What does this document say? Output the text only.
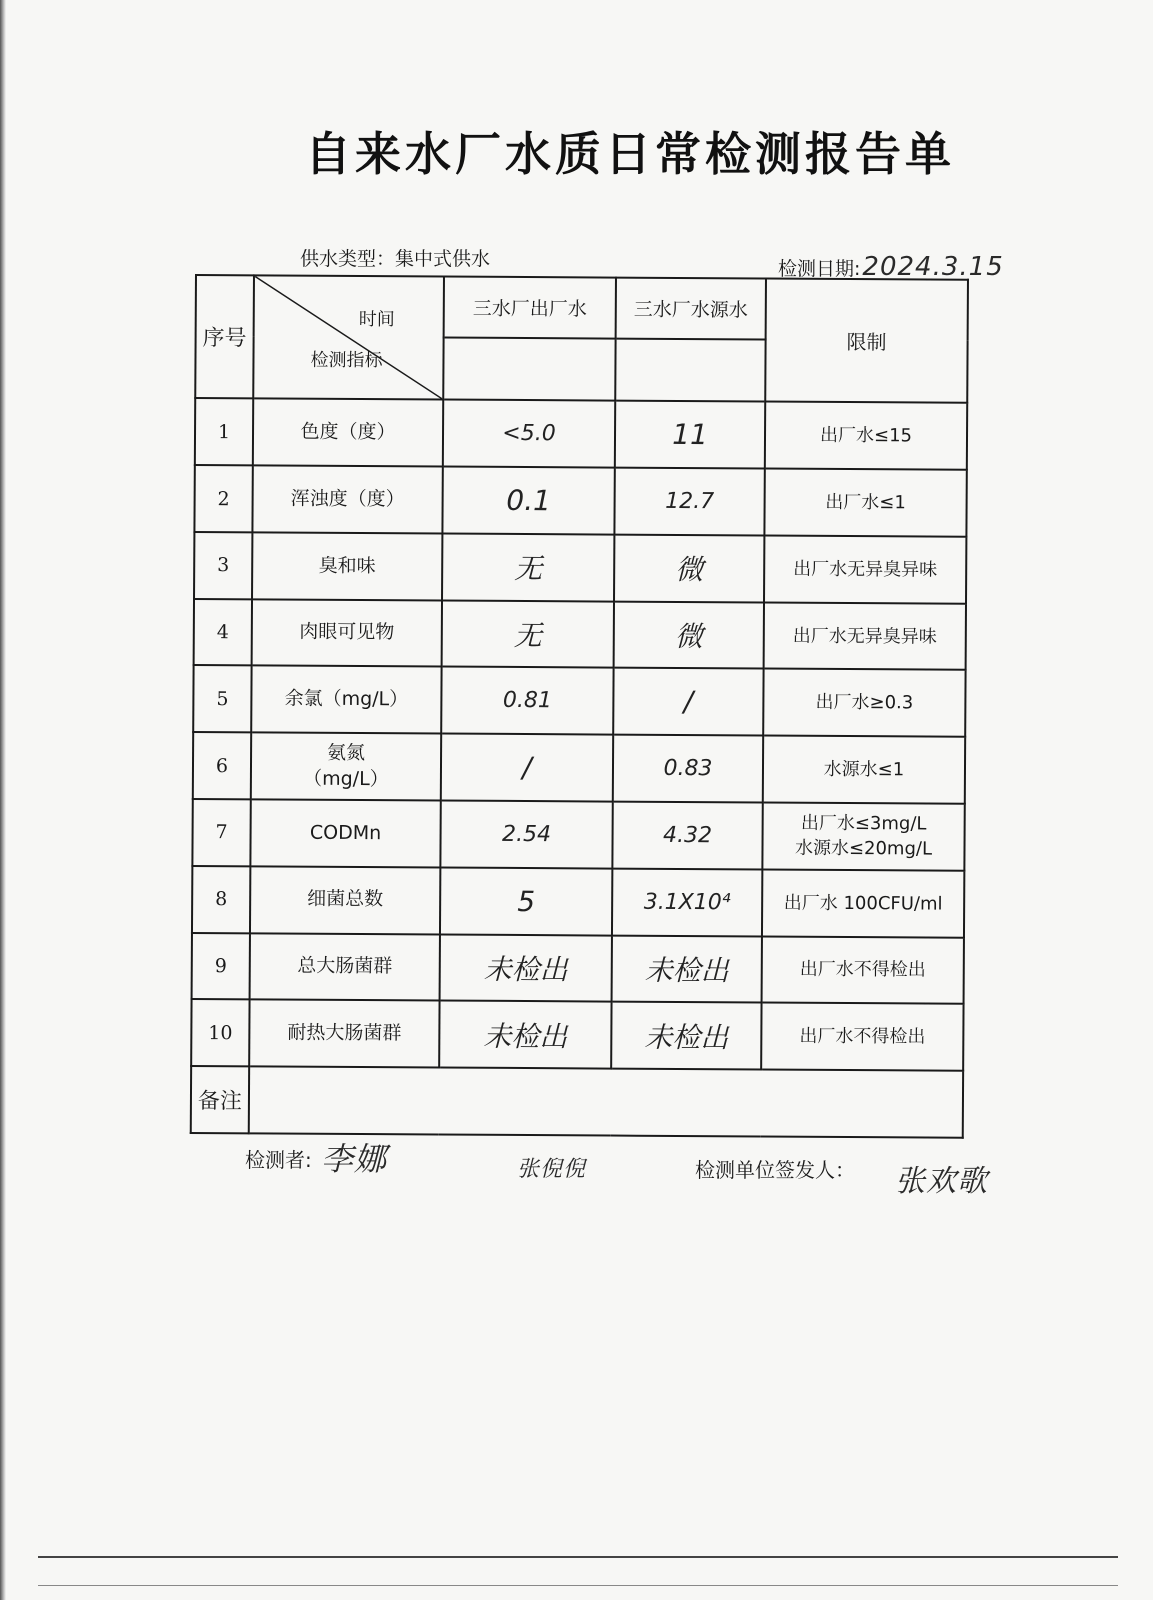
自来水厂水质日常检测报告单
供水类型：集中式供水	检测日期:2024.3.15
序号	时间
检测指标	三水厂出厂水	三水厂水源水	限制

1	色度（度）	<5.0	11	出厂水≤15
2	浑浊度（度）	0.1	12.7	出厂水≤1
3	臭和味	无	微	出厂水无异臭异味
4	肉眼可见物	无	微	出厂水无异臭异味
5	余氯（mg/L）	0.81	/	出厂水≥0.3
6	氨氮
（mg/L）	/	0.83	水源水≤1
7	CODMn	2.54	4.32	出厂水≤3mg/L
水源水≤20mg/L
8	细菌总数	5	3.1X10⁴	出厂水 100CFU/ml
9	总大肠菌群	未检出	未检出	出厂水不得检出
10	耐热大肠菌群	未检出	未检出	出厂水不得检出
备注				
检测者: 李娜	张倪倪	检测单位签发人： 张欢歌
